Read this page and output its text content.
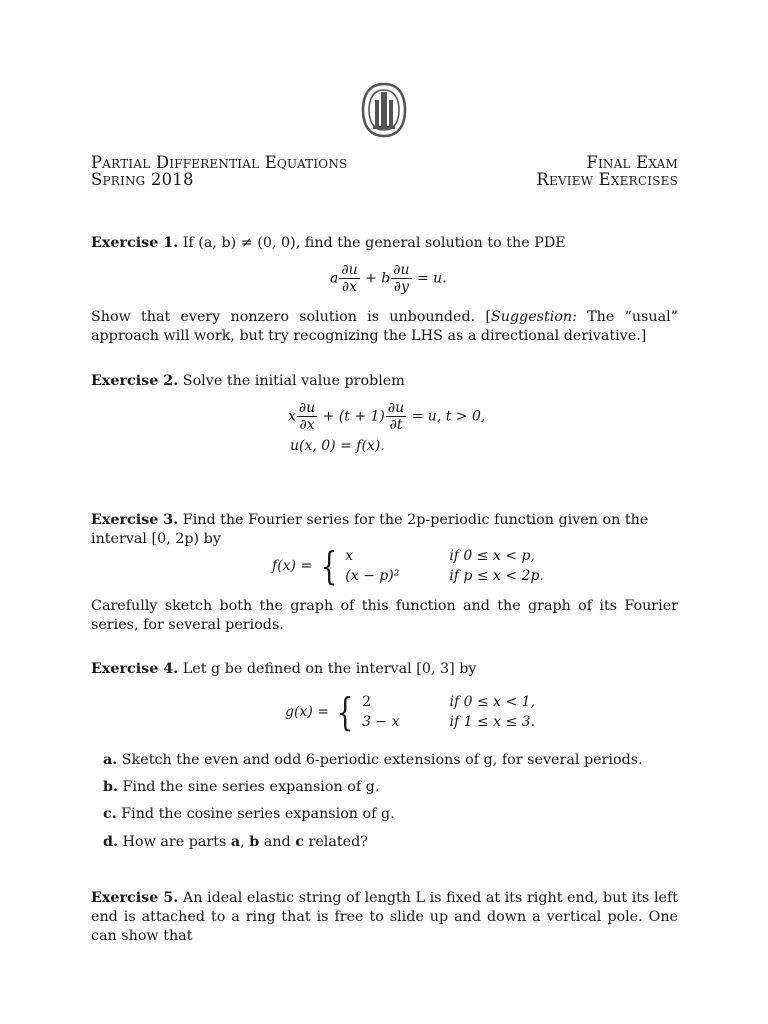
Partial Differential Equations
Spring 2018
Final Exam
Review Exercises
Exercise 1. If (a, b) ≠ (0, 0), find the general solution to the PDE
a $\frac{\partial u}{\partial x} + b \frac{\partial u}{\partial y} = u$.
Show that every nonzero solution is unbounded. [Suggestion: The “usual” approach will work, but try recognizing the LHS as a directional derivative.]
Exercise 2. Solve the initial value problem
x $\frac{\partial u}{\partial x} + (t + 1) \frac{\partial u}{\partial t} = u$, t > 0,
u(x, 0) = f(x).
Exercise 3. Find the Fourier series for the 2p-periodic function given on the interval [0, 2p) by
f(x) = { x	if 0 ≤ x < p,
(x − p)²	if p ≤ x < 2p.
Carefully sketch both the graph of this function and the graph of its Fourier series, for several periods.
Exercise 4. Let g be defined on the interval [0, 3] by
g(x) = { 2	if 0 ≤ x < 1,
3 − x	if 1 ≤ x ≤ 3.
a. Sketch the even and odd 6-periodic extensions of g, for several periods.
b. Find the sine series expansion of g.
c. Find the cosine series expansion of g.
d. How are parts a, b and c related?
Exercise 5. An ideal elastic string of length L is fixed at its right end, but its left end is attached to a ring that is free to slide up and down a vertical pole. One can show that
